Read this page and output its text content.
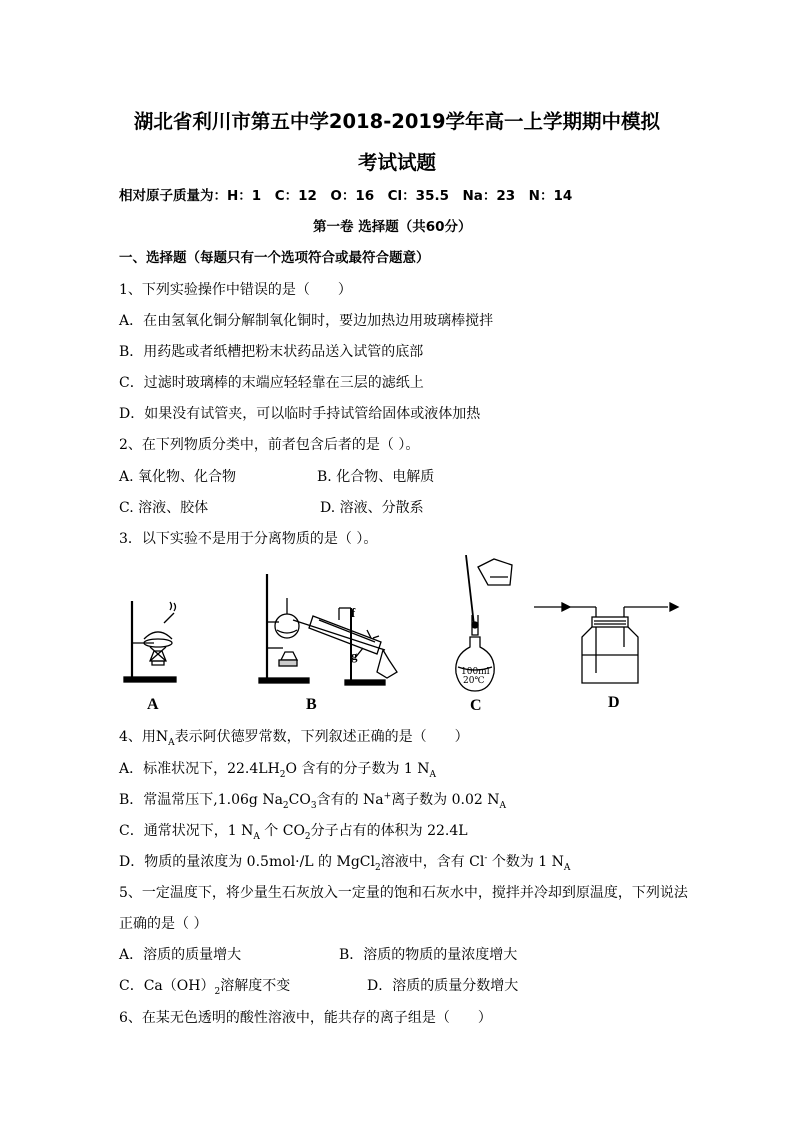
湖北省利川市第五中学2018-2019学年高一上学期期中模拟
考试试题
相对原子质量为：H：1　C：12　O：16　Cl：35.5　Na：23　N：14
第一卷 选择题（共60分）
一、选择题（每题只有一个选项符合或最符合题意）
1、下列实验操作中错误的是（　　）
A．在由氢氧化铜分解制氧化铜时，要边加热边用玻璃棒搅拌
B．用药匙或者纸槽把粉末状药品送入试管的底部
C．过滤时玻璃棒的末端应轻轻靠在三层的滤纸上
D．如果没有试管夹，可以临时手持试管给固体或液体加热
2、在下列物质分类中，前者包含后者的是（ ）。
A. 氧化物、化合物	B. 化合物、电解质
C. 溶液、胶体	D. 溶液、分散系
3．以下实验不是用于分离物质的是（ ）。
A
f
g
B
100ml
20℃
C	D
4、用$N_A$表示阿伏德罗常数，下列叙述正确的是（　　）
A．标准状况下，$22.4LH_2O$ 含有的分子数为 1 $N_A$
B．常温常压下,1.06g $Na_2CO_3$含有的 Na+离子数为 0.02 $N_A$
C．通常状况下，1 $N_A$ 个 $CO_2$分子占有的体积为 22.4L
D．物质的量浓度为 0.5mol·/L 的 MgCl$_2$溶液中，含有 Cl- 个数为 1 $N_A$
5、一定温度下，将少量生石灰放入一定量的饱和石灰水中，搅拌并冷却到原温度，下列说法
正确的是（ ）
A．溶质的质量增大	B．溶质的物质的量浓度增大
C．$Ca(OH)_2$溶解度不变	D．溶质的质量分数增大
6、在某无色透明的酸性溶液中，能共存的离子组是（　　）
